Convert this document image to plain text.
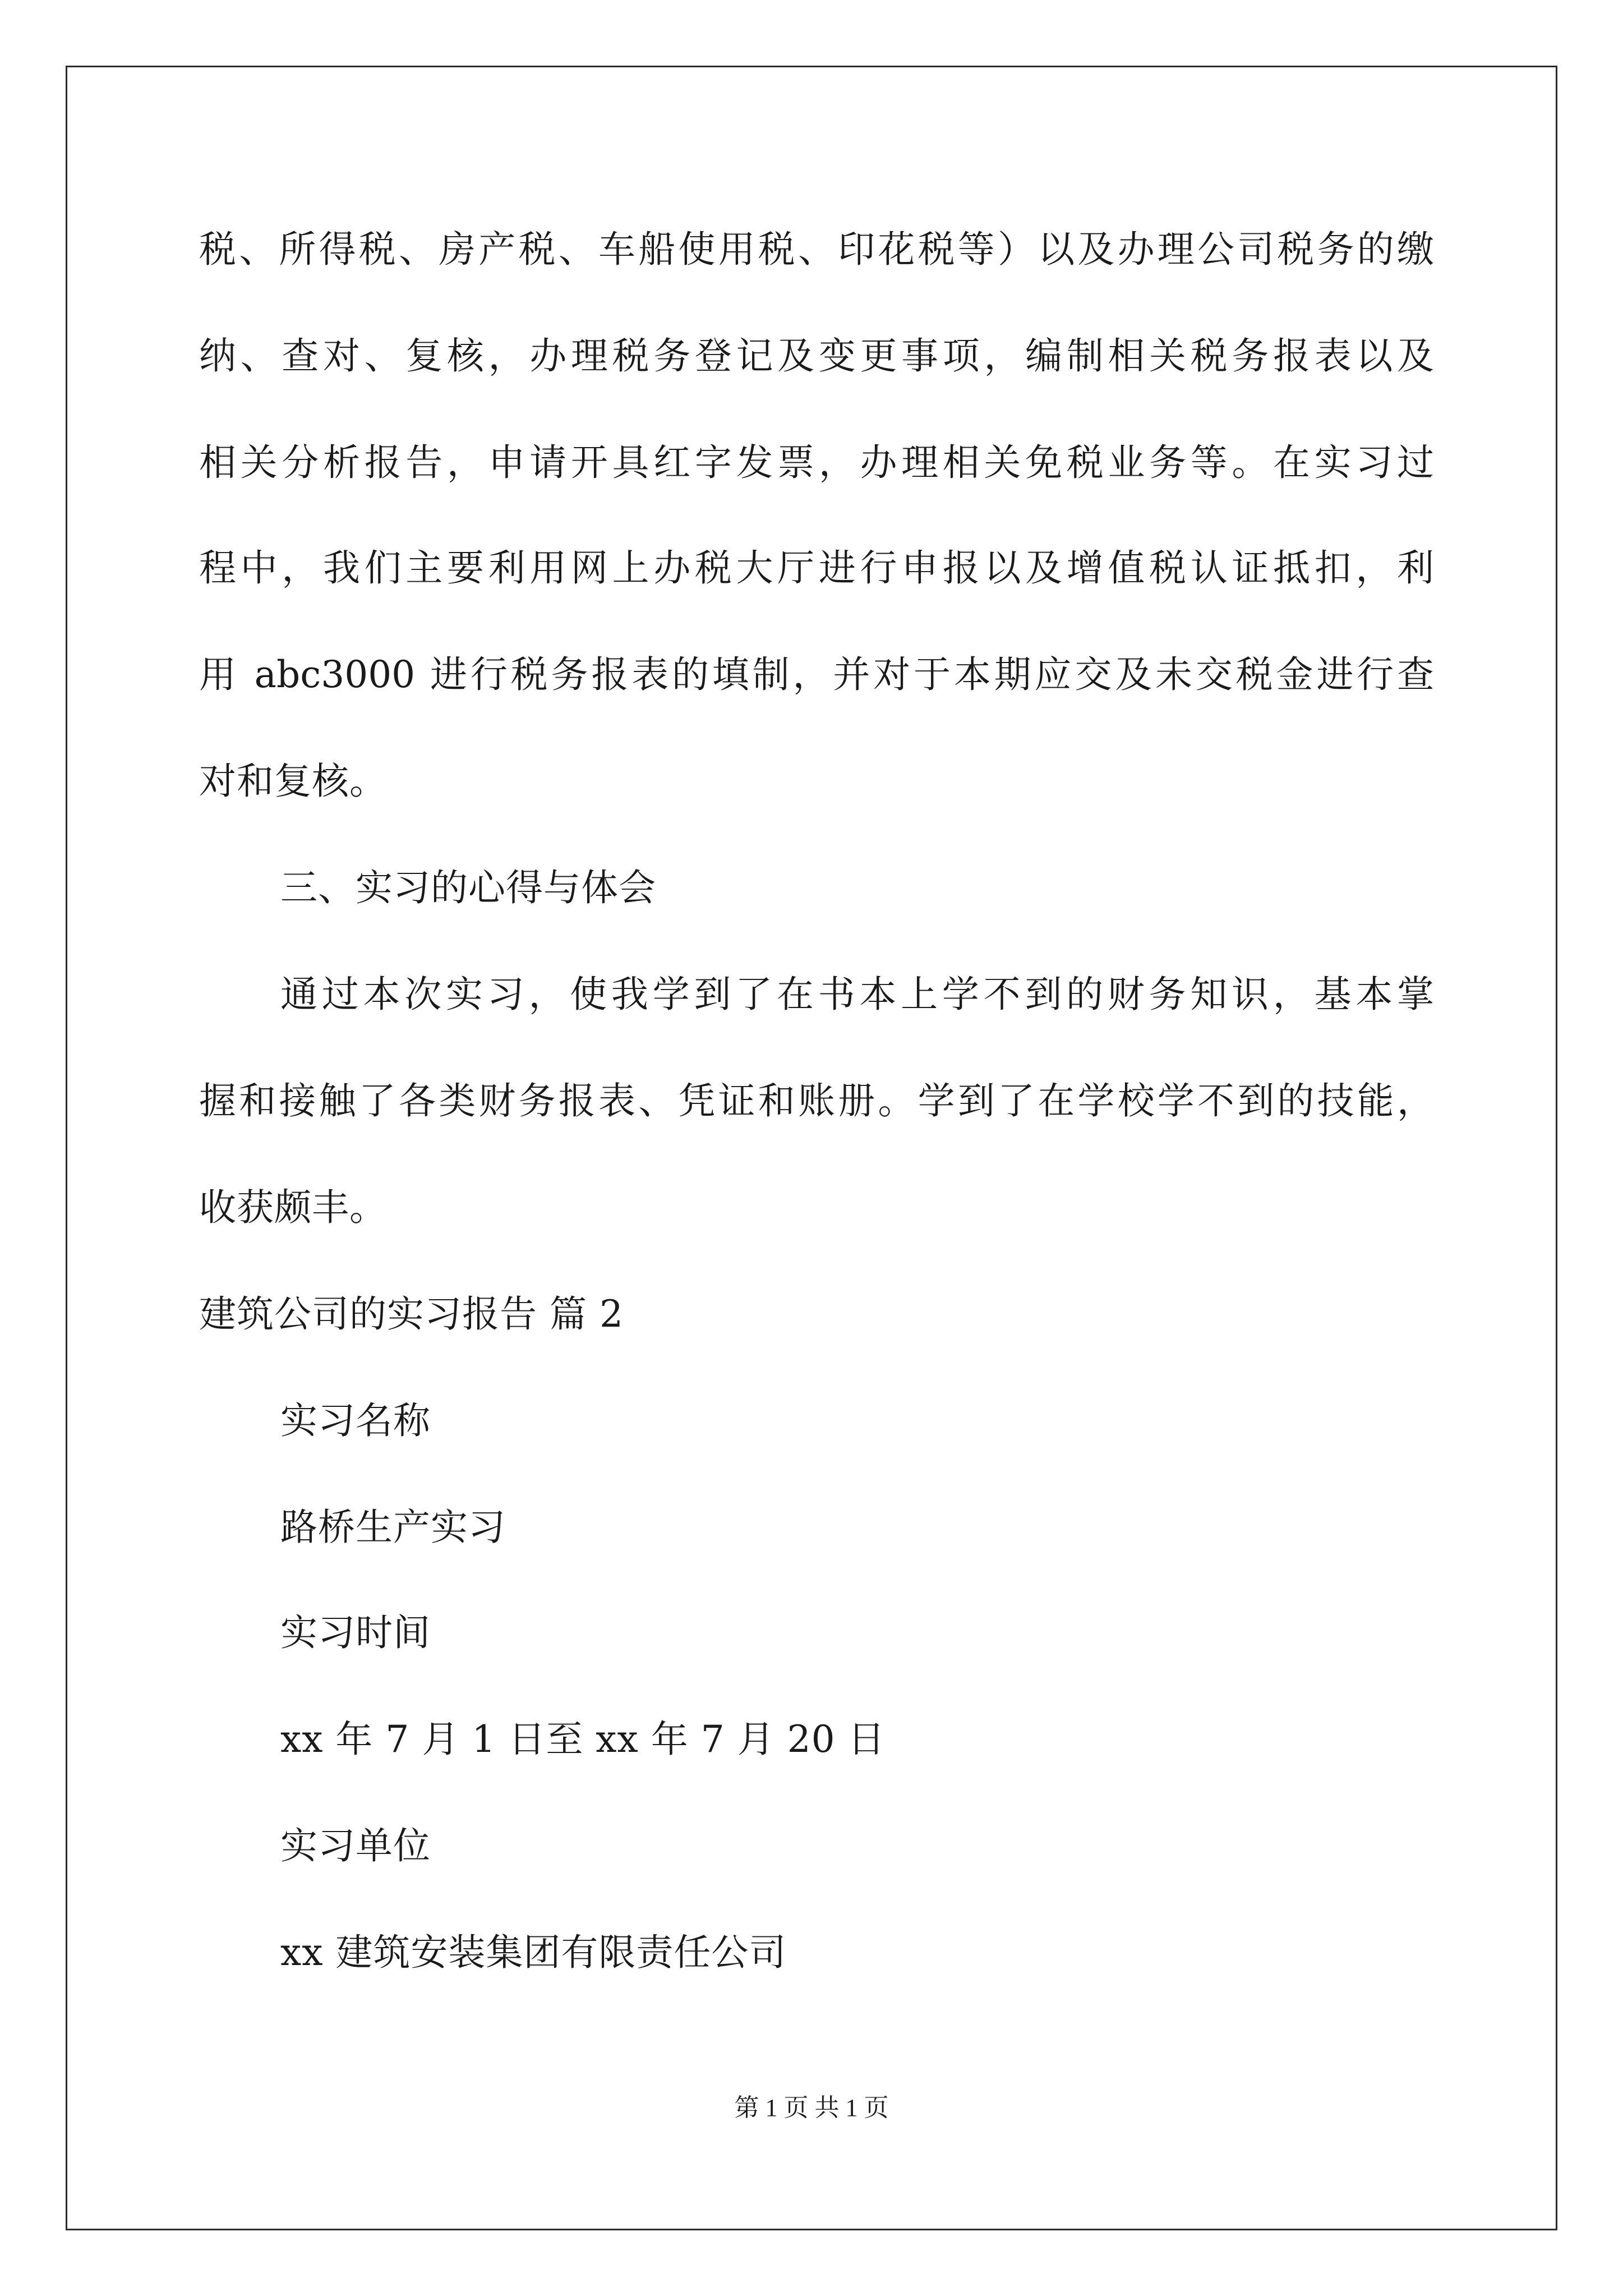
税、所得税、房产税、车船使用税、印花税等）以及办理公司税务的缴
纳、查对、复核，办理税务登记及变更事项，编制相关税务报表以及
相关分析报告，申请开具红字发票，办理相关免税业务等。在实习过
程中，我们主要利用网上办税大厅进行申报以及增值税认证抵扣，利
用 abc3000 进行税务报表的填制，并对于本期应交及未交税金进行查
对和复核。
三、实习的心得与体会
通过本次实习，使我学到了在书本上学不到的财务知识，基本掌
握和接触了各类财务报表、凭证和账册。学到了在学校学不到的技能，
收获颇丰。
建筑公司的实习报告 篇 2
实习名称
路桥生产实习
实习时间
xx 年 7 月 1 日至 xx 年 7 月 20 日
实习单位
xx 建筑安装集团有限责任公司
第 1 页 共 1 页
